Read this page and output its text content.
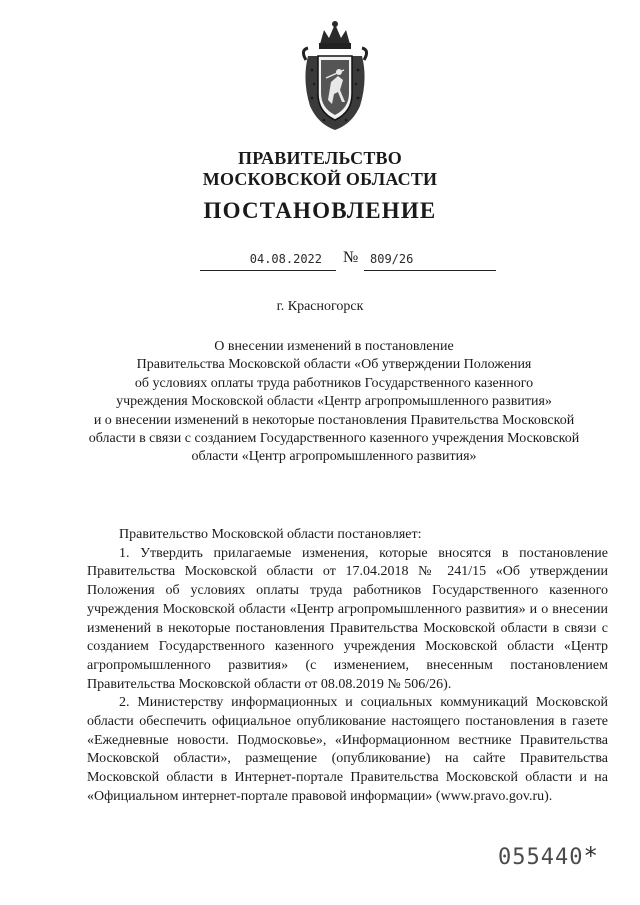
ПРАВИТЕЛЬСТВО
МОСКОВСКОЙ ОБЛАСТИ
ПОСТАНОВЛЕНИЕ
04.08.2022	№ 809/26
г. Красногорск
О внесении изменений в постановление
Правительства Московской области «Об утверждении Положения
об условиях оплаты труда работников Государственного казенного
учреждения Московской области «Центр агропромышленного развития»
и о внесении изменений в некоторые постановления Правительства Московской
области в связи с созданием Государственного казенного учреждения Московской
области «Центр агропромышленного развития»

Правительство Московской области постановляет:

1. Утвердить прилагаемые изменения, которые вносятся в постановление Правительства Московской области от 17.04.2018 № 241/15 «Об утверждении Положения об условиях оплаты труда работников Государственного казенного учреждения Московской области «Центр агропромышленного развития» и о внесении изменений в некоторые постановления Правительства Московской области в связи с созданием Государственного казенного учреждения Московской области «Центр агропромышленного развития» (с изменением, внесенным постановлением Правительства Московской области от 08.08.2019 № 506/26).

2. Министерству информационных и социальных коммуникаций Московской области обеспечить официальное опубликование настоящего постановления в газете «Ежедневные новости. Подмосковье», «Информационном вестнике Правительства Московской области», размещение (опубликование) на сайте Правительства Московской области в Интернет-портале Правительства Московской области и на «Официальном интернет-портале правовой информации» (www.pravo.gov.ru).

055440*
